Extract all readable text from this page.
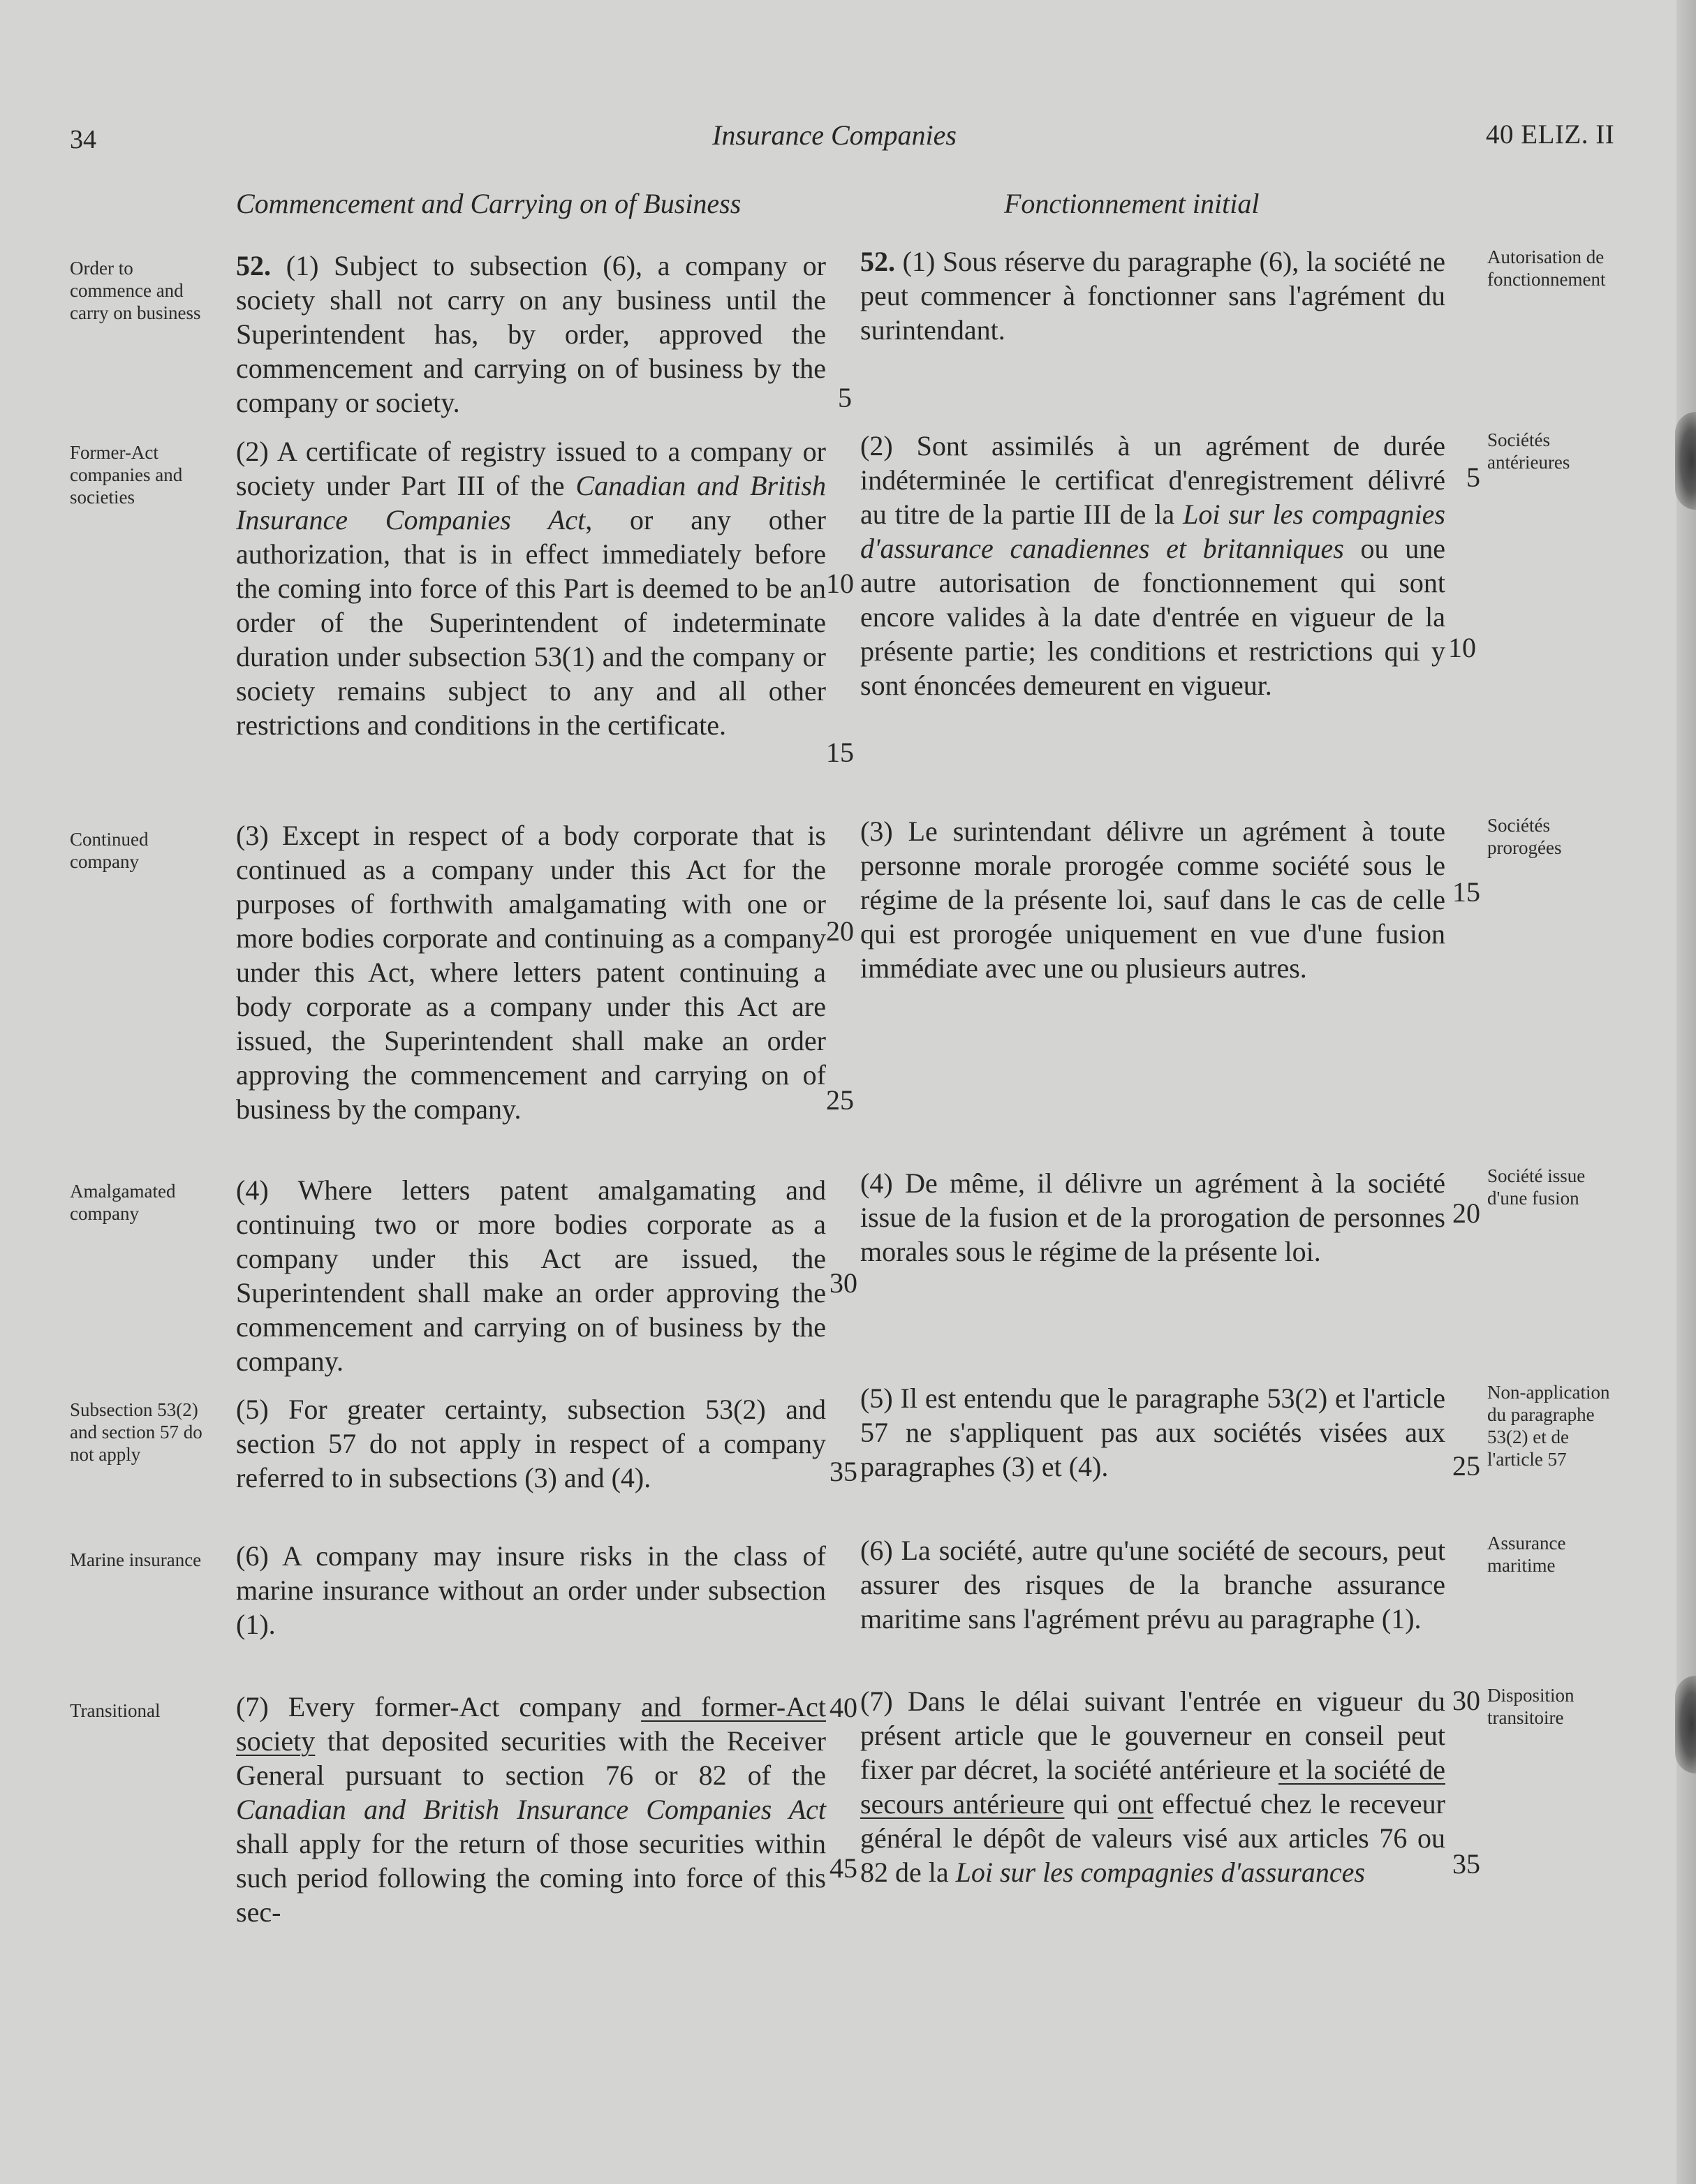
34	Insurance Companies	40 ELIZ. II
Commencement and Carrying on of Business	Fonctionnement initial
Order to commence and carry on business
Former-Act companies and societies
Continued company
Amalgamated company
Subsection 53(2) and section 57 do not apply
Marine insurance
Transitional
Autorisation de fonctionnement
Sociétés antérieures
Sociétés prorogées
Société issue d'une fusion
Non-application du paragraphe 53(2) et de l'article 57
Assurance maritime
Disposition transitoire
52. (1) Subject to subsection (6), a company or society shall not carry on any business until the Superintendent has, by order, approved the commencement and carrying on of business by the company or society.
(2) A certificate of registry issued to a company or society under Part III of the Canadian and British Insurance Companies Act, or any other authorization, that is in effect immediately before the coming into force of this Part is deemed to be an order of the Superintendent of indeterminate duration under subsection 53(1) and the company or society remains subject to any and all other restrictions and conditions in the certificate.
(3) Except in respect of a body corporate that is continued as a company under this Act for the purposes of forthwith amalgamating with one or more bodies corporate and continuing as a company under this Act, where letters patent continuing a body corporate as a company under this Act are issued, the Superintendent shall make an order approving the commencement and carrying on of business by the company.
(4) Where letters patent amalgamating and continuing two or more bodies corporate as a company under this Act are issued, the Superintendent shall make an order approving the commencement and carrying on of business by the company.
(5) For greater certainty, subsection 53(2) and section 57 do not apply in respect of a company referred to in subsections (3) and (4).
(6) A company may insure risks in the class of marine insurance without an order under subsection (1).
(7) Every former-Act company and former-Act society that deposited securities with the Receiver General pursuant to section 76 or 82 of the Canadian and British Insurance Companies Act shall apply for the return of those securities within such period following the coming into force of this sec-
52. (1) Sous réserve du paragraphe (6), la société ne peut commencer à fonctionner sans l'agrément du surintendant.
(2) Sont assimilés à un agrément de durée indéterminée le certificat d'enregistrement délivré au titre de la partie III de la Loi sur les compagnies d'assurance canadiennes et britanniques ou une autre autorisation de fonctionnement qui sont encore valides à la date d'entrée en vigueur de la présente partie; les conditions et restrictions qui y sont énoncées demeurent en vigueur.
(3) Le surintendant délivre un agrément à toute personne morale prorogée comme société sous le régime de la présente loi, sauf dans le cas de celle qui est prorogée uniquement en vue d'une fusion immédiate avec une ou plusieurs autres.
(4) De même, il délivre un agrément à la société issue de la fusion et de la prorogation de personnes morales sous le régime de la présente loi.
(5) Il est entendu que le paragraphe 53(2) et l'article 57 ne s'appliquent pas aux sociétés visées aux paragraphes (3) et (4).
(6) La société, autre qu'une société de secours, peut assurer des risques de la branche assurance maritime sans l'agrément prévu au paragraphe (1).
(7) Dans le délai suivant l'entrée en vigueur du présent article que le gouverneur en conseil peut fixer par décret, la société antérieure et la société de secours antérieure qui ont effectué chez le receveur général le dépôt de valeurs visé aux articles 76 ou 82 de la Loi sur les compagnies d'assurances
5
10
15
20
25
30
35
40
45
5
10
15
20
25
30
35
